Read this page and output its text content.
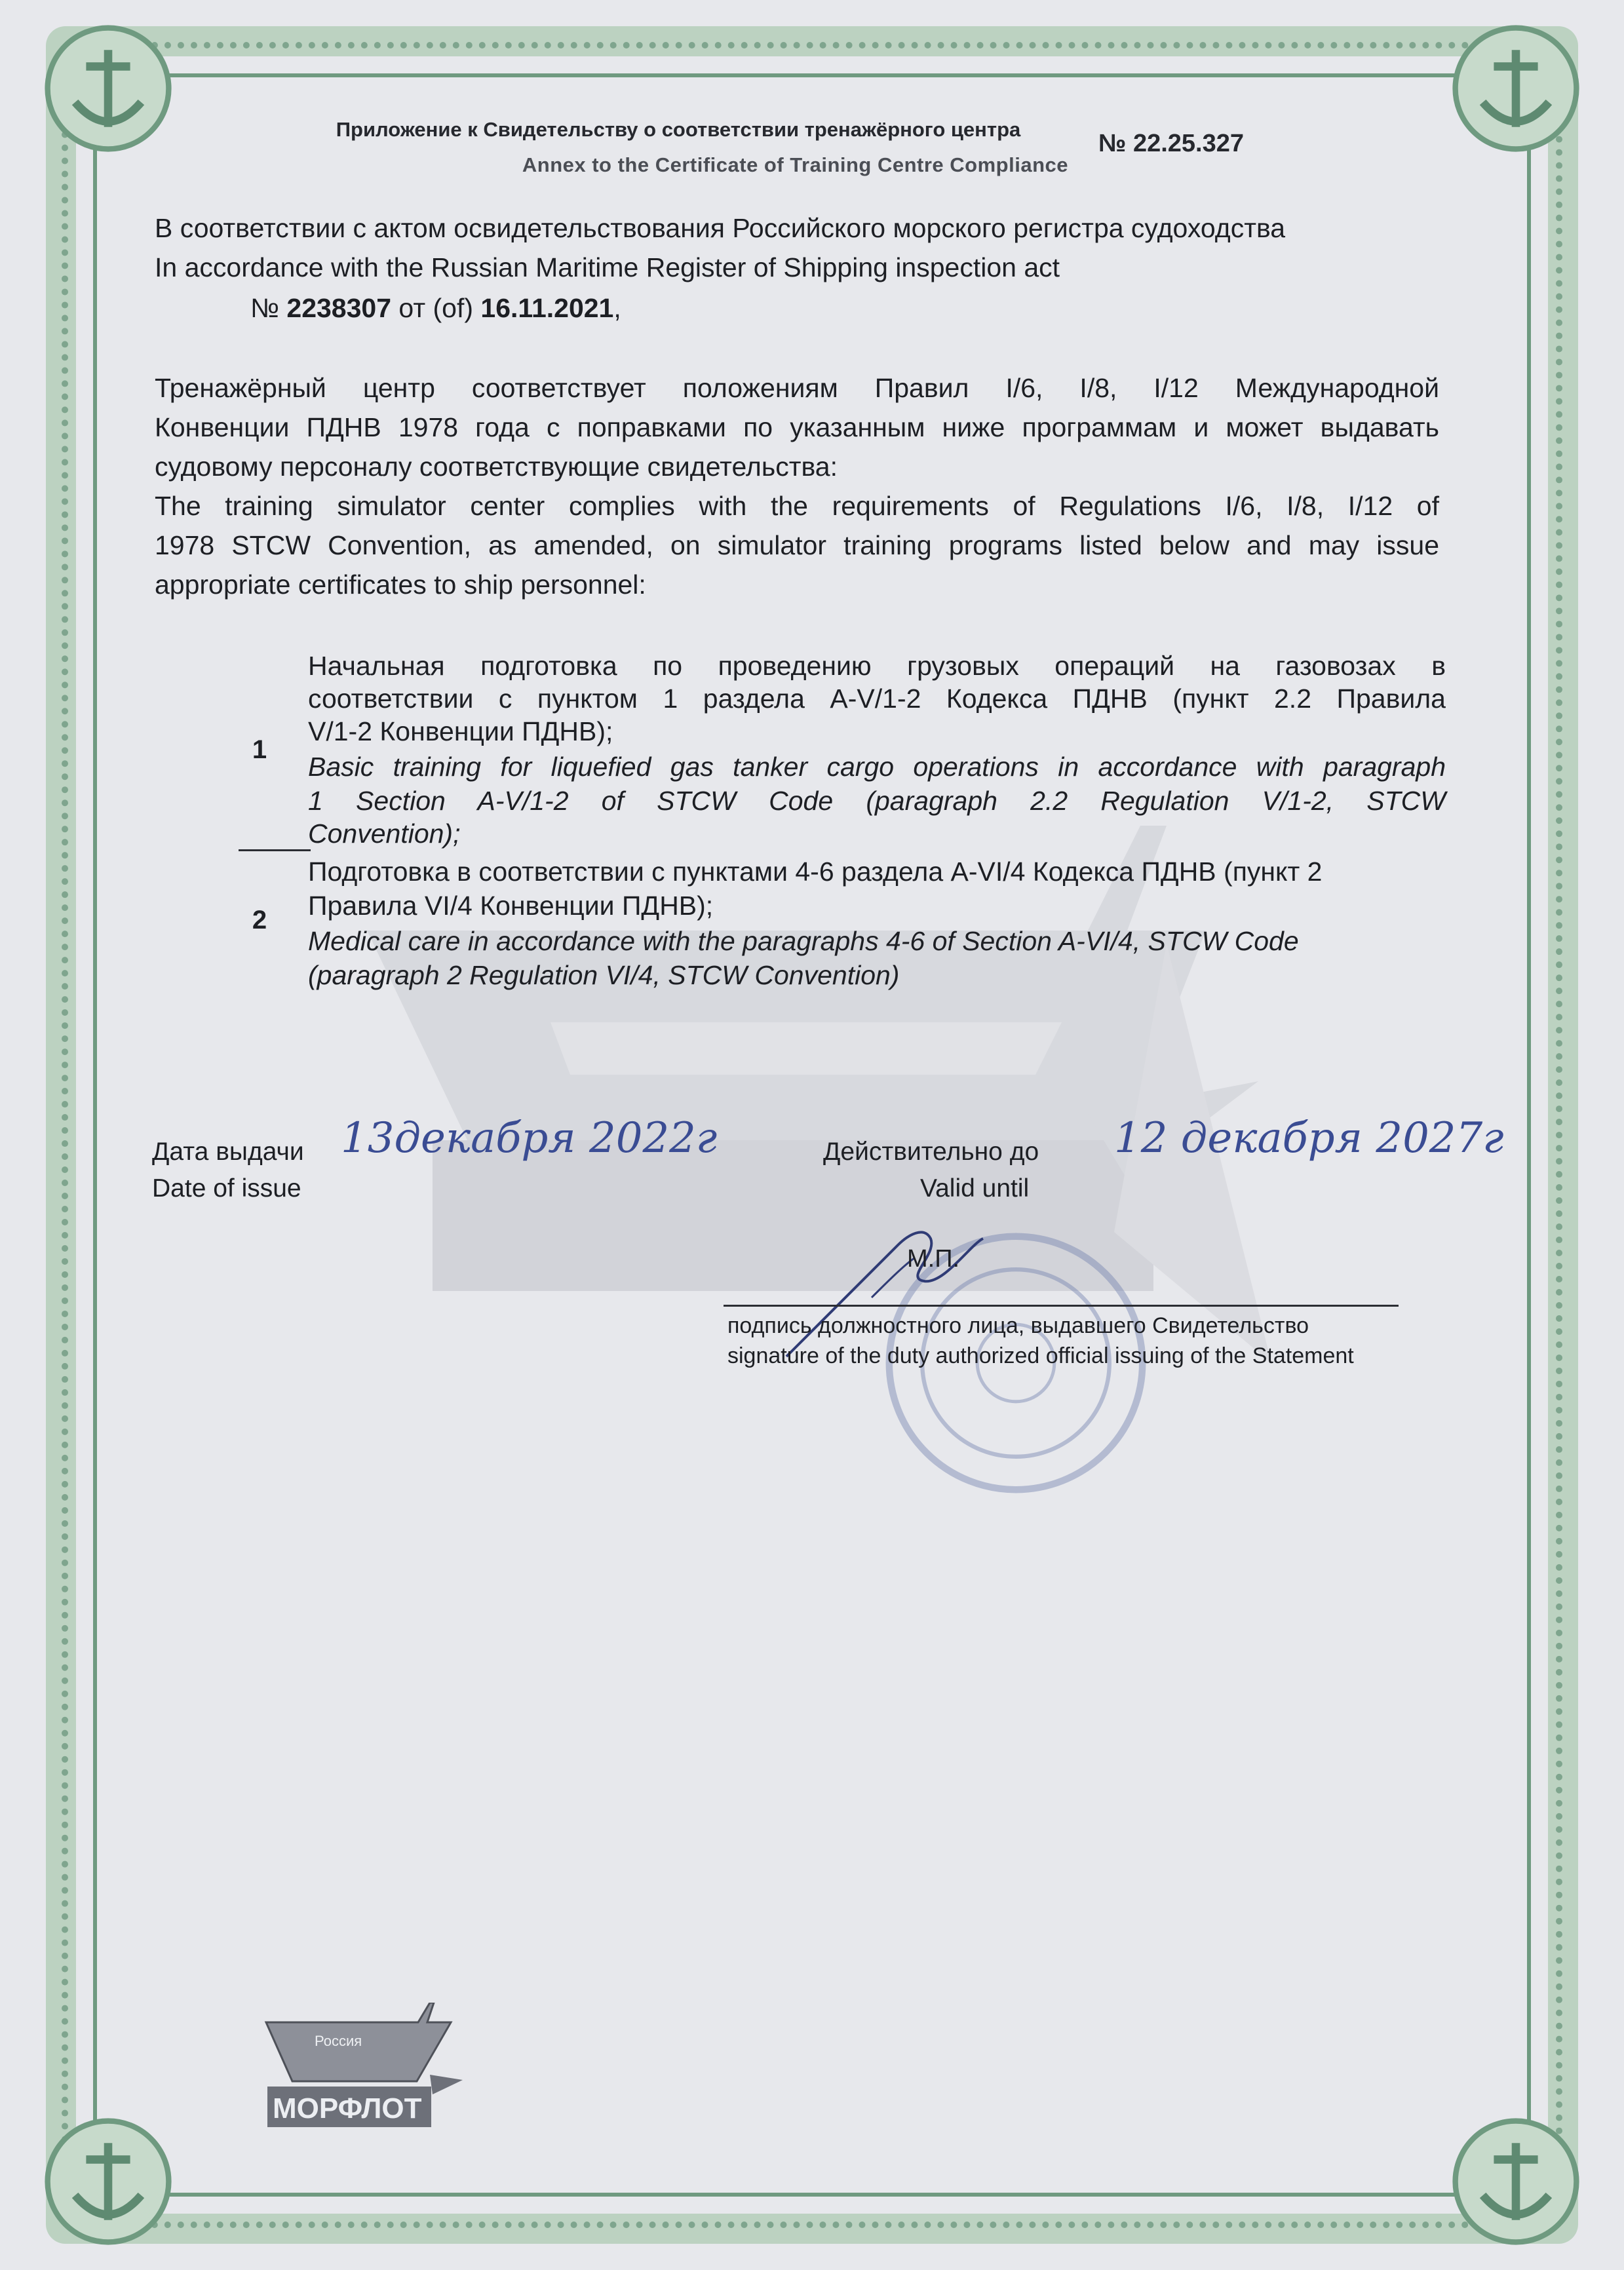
Приложение к Свидетельству о соответствии тренажёрного центра
Annex to the Certificate of Training Centre Compliance
№ 22.25.327
В соответствии с актом освидетельствования Российского морского регистра судоходства
In accordance with the Russian Maritime Register of Shipping inspection act
№ 2238307 от (of) 16.11.2021,
Тренажёрный центр соответствует положениям Правил I/6, I/8, I/12 Международной
Конвенции ПДНВ 1978 года с поправками по указанным ниже программам и может выдавать
судовому персоналу соответствующие свидетельства:
The training simulator center complies with the requirements of Regulations I/6, I/8, I/12 of
1978 STCW Convention, as amended, on simulator training programs listed below and may issue
appropriate certificates to ship personnel:
1
Начальная подготовка по проведению грузовых операций на газовозах в
соответствии с пунктом 1 раздела A-V/1-2 Кодекса ПДНВ (пункт 2.2 Правила
V/1-2 Конвенции ПДНВ);
Basic training for liquefied gas tanker cargo operations in accordance with paragraph
1 Section A-V/1-2 of STCW Code (paragraph 2.2 Regulation V/1-2, STCW
Convention);
2
Подготовка в соответствии с пунктами 4-6 раздела A-VI/4 Кодекса ПДНВ (пункт 2
Правила VI/4 Конвенции ПДНВ);
Medical care in accordance with the paragraphs 4-6 of Section A-VI/4, STCW Code
(paragraph 2 Regulation VI/4, STCW Convention)
Дата выдачи
Date of issue
13декабря 2022г	Действительно до
Valid until
12 декабря 2027г
М.П.
подпись должностного лица, выдавшего Свидетельство
signature of the duty authorized official issuing of the Statement
Россия
МОРФЛОТ
